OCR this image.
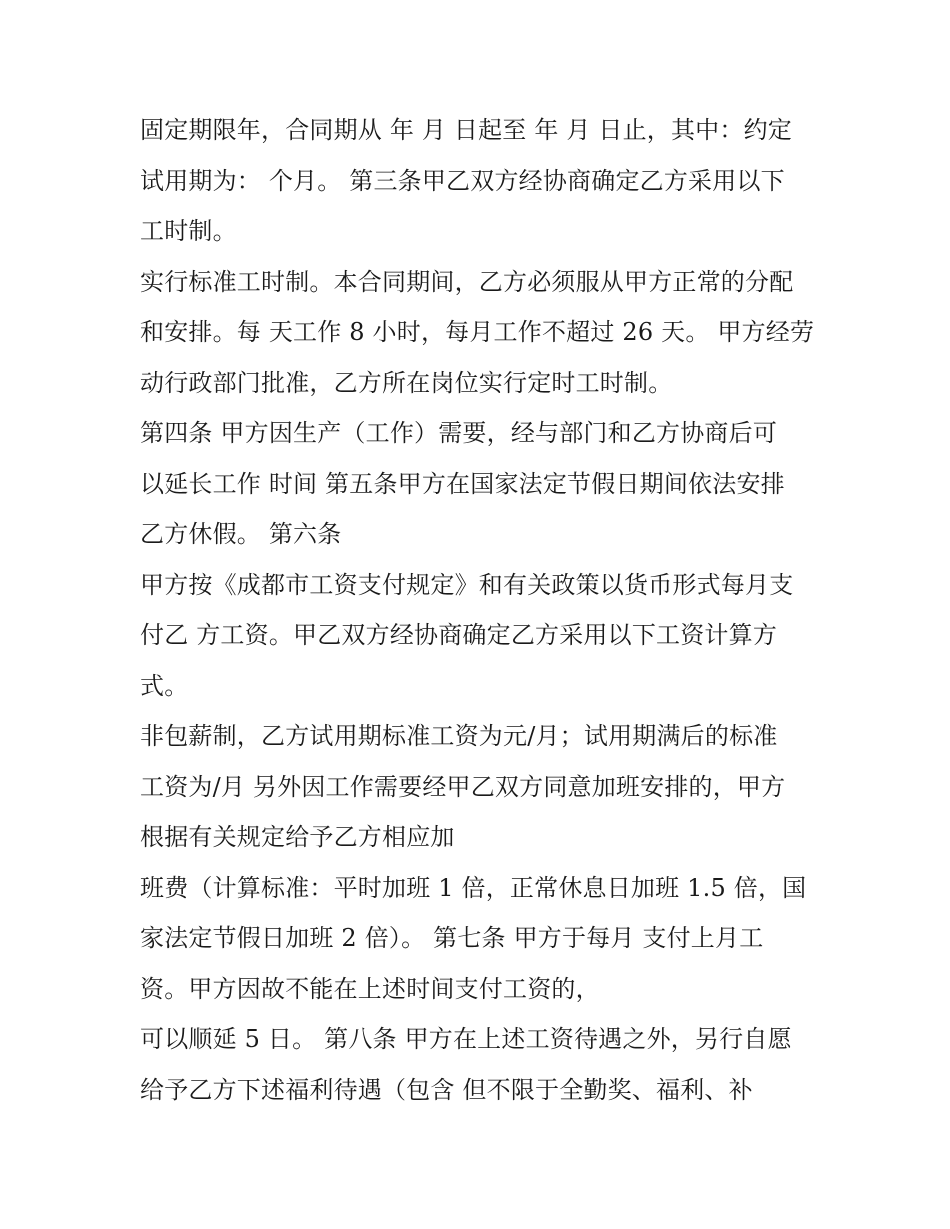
固定期限年，合同期从 年 月 日起至 年 月 日止，其中：约定
试用期为： 个月。 第三条甲乙双方经协商确定乙方采用以下
工时制。
实行标准工时制。本合同期间，乙方必须服从甲方正常的分配
和安排。每 天工作 8 小时，每月工作不超过 26 天。 甲方经劳
动行政部门批准，乙方所在岗位实行定时工时制。
第四条 甲方因生产（工作）需要，经与部门和乙方协商后可
以延长工作 时间 第五条甲方在国家法定节假日期间依法安排
乙方休假。 第六条
甲方按《成都市工资支付规定》和有关政策以货币形式每月支
付乙 方工资。甲乙双方经协商确定乙方采用以下工资计算方
式。
非包薪制，乙方试用期标准工资为元/月；试用期满后的标准
工资为/月 另外因工作需要经甲乙双方同意加班安排的，甲方
根据有关规定给予乙方相应加
班费（计算标准：平时加班 1 倍，正常休息日加班 1.5 倍，国
家法定节假日加班 2 倍）。 第七条 甲方于每月 支付上月工
资。甲方因故不能在上述时间支付工资的，
可以顺延 5 日。 第八条 甲方在上述工资待遇之外，另行自愿
给予乙方下述福利待遇（包含 但不限于全勤奖、福利、补
